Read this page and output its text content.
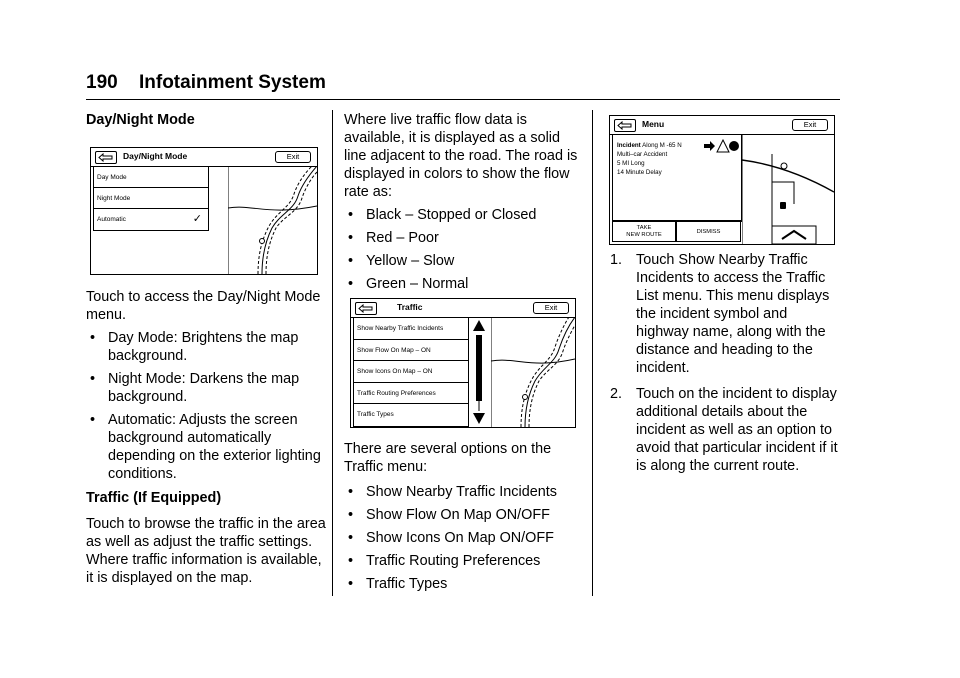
190 Infotainment System

Day/Night Mode

Day/Night Mode	Exit
Day Mode
Night Mode
Automatic	✓

Touch to access the Day/Night Mode menu.

• Day Mode: Brightens the map background.
• Night Mode: Darkens the map background.
• Automatic: Adjusts the screen background automatically depending on the exterior lighting conditions.

Traffic (If Equipped)

Touch to browse the traffic in the area as well as adjust the traffic settings. Where traffic information is available, it is displayed on the map.

Where live traffic flow data is available, it is displayed as a solid line adjacent to the road. The road is displayed in colors to show the flow rate as:

• Black – Stopped or Closed
• Red – Poor
• Yellow – Slow
• Green – Normal
Traffic	Exit
Show Nearby Traffic Incidents
Show Flow On Map – ON
Show Icons On Map – ON
Traffic Routing Preferences
Traffic Types

There are several options on the Traffic menu:

• Show Nearby Traffic Incidents
• Show Flow On Map ON/OFF
• Show Icons On Map ON/OFF
• Traffic Routing Preferences
• Traffic Types
Menu	Exit
Incident Along M -65 N
Multi–car Accident
5 MI Long
14 Minute Delay
TAKE
NEW ROUTE	DISMISS
1. Touch Show Nearby Traffic Incidents to access the Traffic List menu. This menu displays the incident symbol and highway name, along with the distance and heading to the incident.
2. Touch on the incident to display additional details about the incident as well as an option to avoid that particular incident if it is along the current route.
